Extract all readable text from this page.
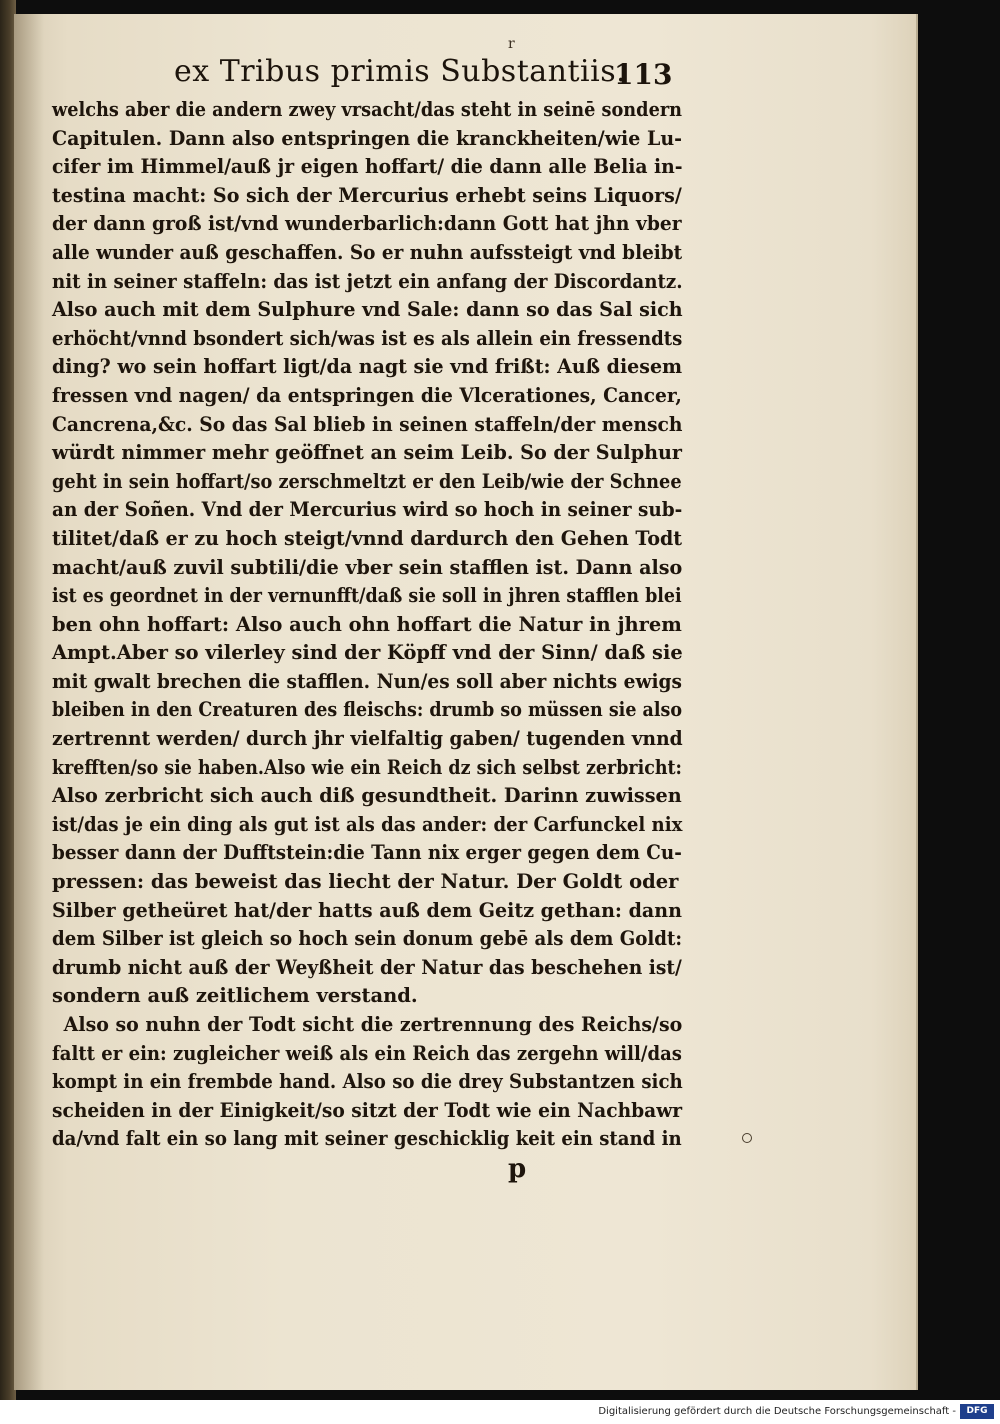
r
ex Tribus primis Substantiis.
113
welchs aber die andern zwey vrsacht/das steht in seinē sondern
Capitulen. Dann also entspringen die kranckheiten/wie Lu-
cifer im Himmel/auß jr eigen hoffart/ die dann alle Belia in-
testina macht: So sich der Mercurius erhebt seins Liquors/
der dann groß ist/vnd wunderbarlich:dann Gott hat jhn vber
alle wunder auß geschaffen. So er nuhn aufssteigt vnd bleibt
nit in seiner staffeln: das ist jetzt ein anfang der Discordantz.
Also auch mit dem Sulphure vnd Sale: dann so das Sal sich
erhöcht/vnnd bsondert sich/was ist es als allein ein fressendts
ding? wo sein hoffart ligt/da nagt sie vnd frißt: Auß diesem
fressen vnd nagen/ da entspringen die Vlcerationes, Cancer,
Cancrena,&c. So das Sal blieb in seinen staffeln/der mensch
würdt nimmer mehr geöffnet an seim Leib. So der Sulphur
geht in sein hoffart/so zerschmeltzt er den Leib/wie der Schnee
an der Soñen. Vnd der Mercurius wird so hoch in seiner sub-
tilitet/daß er zu hoch steigt/vnnd dardurch den Gehen Todt
macht/auß zuvil subtili/die vber sein stafflen ist. Dann also
ist es geordnet in der vernunfft/daß sie soll in jhren stafflen blei
ben ohn hoffart: Also auch ohn hoffart die Natur in jhrem
Ampt.Aber so vilerley sind der Köpff vnd der Sinn/ daß sie
mit gwalt brechen die stafflen. Nun/es soll aber nichts ewigs
bleiben in den Creaturen des fleischs: drumb so müssen sie also
zertrennt werden/ durch jhr vielfaltig gaben/ tugenden vnnd
krefften/so sie haben.Also wie ein Reich dz sich selbst zerbricht:
Also zerbricht sich auch diß gesundtheit. Darinn zuwissen
ist/das je ein ding als gut ist als das ander: der Carfunckel nix
besser dann der Dufftstein:die Tann nix erger gegen dem Cu-
pressen: das beweist das liecht der Natur. Der Goldt oder
Silber getheüret hat/der hatts auß dem Geitz gethan: dann
dem Silber ist gleich so hoch sein donum gebē als dem Goldt:
drumb nicht auß der Weyßheit der Natur das beschehen ist/
sondern auß zeitlichem verstand.
Also so nuhn der Todt sicht die zertrennung des Reichs/so
faltt er ein: zugleicher weiß als ein Reich das zergehn will/das
kompt in ein frembde hand. Also so die drey Substantzen sich
scheiden in der Einigkeit/so sitzt der Todt wie ein Nachbawr
da/vnd falt ein so lang mit seiner geschicklig keit ein stand in
p
Digitalisierung gefördert durch die Deutsche Forschungsgemeinschaft -	DFG
